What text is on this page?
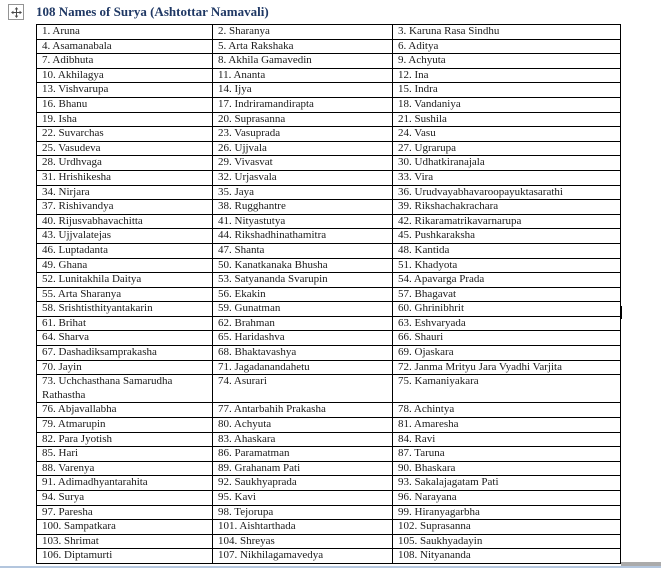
108 Names of Surya (Ashtottar Namavali)
1. Aruna	2. Sharanya	3. Karuna Rasa Sindhu
4. Asamanabala	5. Arta Rakshaka	6. Aditya
7. Adibhuta	8. Akhila Gamavedin	9. Achyuta
10. Akhilagya	11. Ananta	12. Ina
13. Vishvarupa	14. Ijya	15. Indra
16. Bhanu	17. Indriramandirapta	18. Vandaniya
19. Isha	20. Suprasanna	21. Sushila
22. Suvarchas	23. Vasuprada	24. Vasu
25. Vasudeva	26. Ujjvala	27. Ugrarupa
28. Urdhvaga	29. Vivasvat	30. Udhatkiranajala
31. Hrishikesha	32. Urjasvala	33. Vira
34. Nirjara	35. Jaya	36. Urudvayabhavaroopayuktasarathi
37. Rishivandya	38. Rugghantre	39. Rikshachakrachara
40. Rijusvabhavachitta	41. Nityastutya	42. Rikaramatrikavarnarupa
43. Ujjvalatejas	44. Rikshadhinathamitra	45. Pushkaraksha
46. Luptadanta	47. Shanta	48. Kantida
49. Ghana	50. Kanatkanaka Bhusha	51. Khadyota
52. Lunitakhila Daitya	53. Satyananda Svarupin	54. Apavarga Prada
55. Arta Sharanya	56. Ekakin	57. Bhagavat
58. Srishtisthityantakarin	59. Gunatman	60. Ghrinibhrit
61. Brihat	62. Brahman	63. Eshvaryada
64. Sharva	65. Haridashva	66. Shauri
67. Dashadiksamprakasha	68. Bhaktavashya	69. Ojaskara
70. Jayin	71. Jagadanandahetu	72. Janma Mrityu Jara Vyadhi Varjita
73. Uchchasthana Samarudha Rathastha	74. Asurari	75. Kamaniyakara
76. Abjavallabha	77. Antarbahih Prakasha	78. Achintya
79. Atmarupin	80. Achyuta	81. Amaresha
82. Para Jyotish	83. Ahaskara	84. Ravi
85. Hari	86. Paramatman	87. Taruna
88. Varenya	89. Grahanam Pati	90. Bhaskara
91. Adimadhyantarahita	92. Saukhyaprada	93. Sakalajagatam Pati
94. Surya	95. Kavi	96. Narayana
97. Paresha	98. Tejorupa	99. Hiranyagarbha
100. Sampatkara	101. Aishtarthada	102. Suprasanna
103. Shrimat	104. Shreyas	105. Saukhyadayin
106. Diptamurti	107. Nikhilagamavedya	108. Nityananda
